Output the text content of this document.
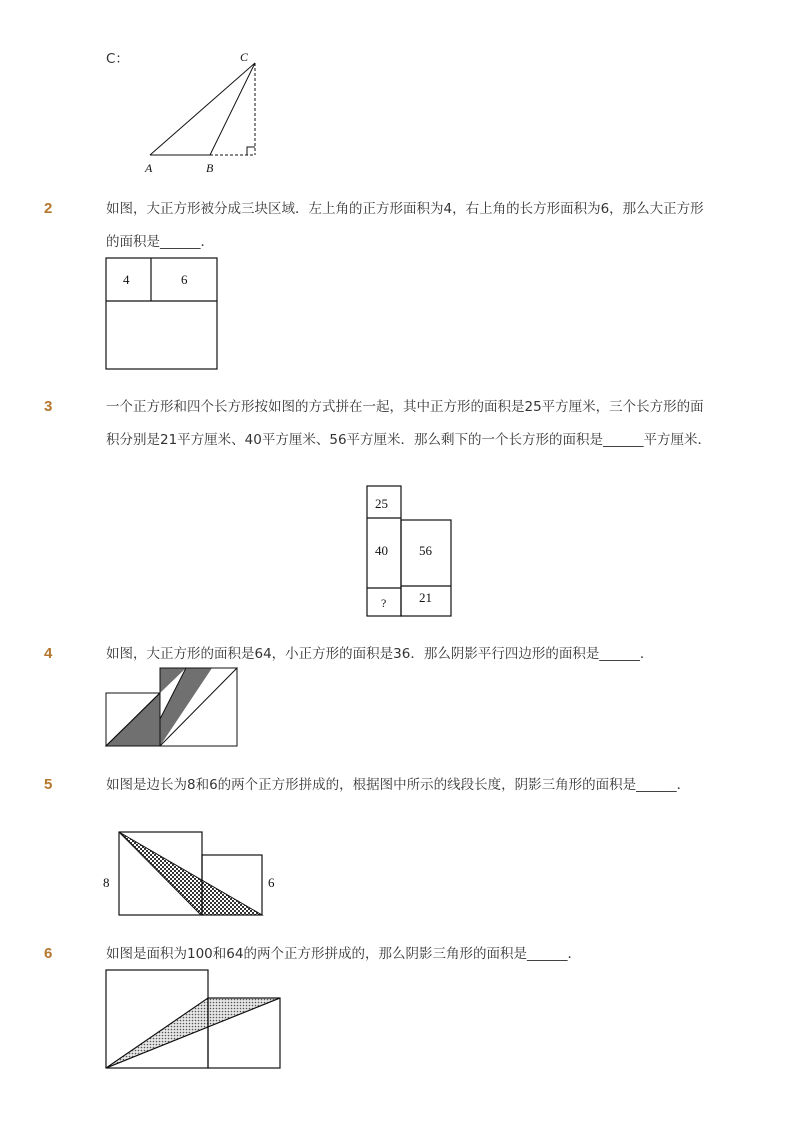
C：
A	B
C
2	如图，大正方形被分成三块区域．左上角的正方形面积为4，右上角的长方形面积为6，那么大正方形的面积是______．
4	6
3	一个正方形和四个长方形按如图的方式拼在一起，其中正方形的面积是25平方厘米，三个长方形的面积分别是21平方厘米、40平方厘米、56平方厘米．那么剩下的一个长方形的面积是______平方厘米．
25
40 56
?	21
4	如图，大正方形的面积是64，小正方形的面积是36．那么阴影平行四边形的面积是______．
5	如图是边长为8和6的两个正方形拼成的，根据图中所示的线段长度，阴影三角形的面积是______．
8	6
6	如图是面积为100和64的两个正方形拼成的，那么阴影三角形的面积是______．
